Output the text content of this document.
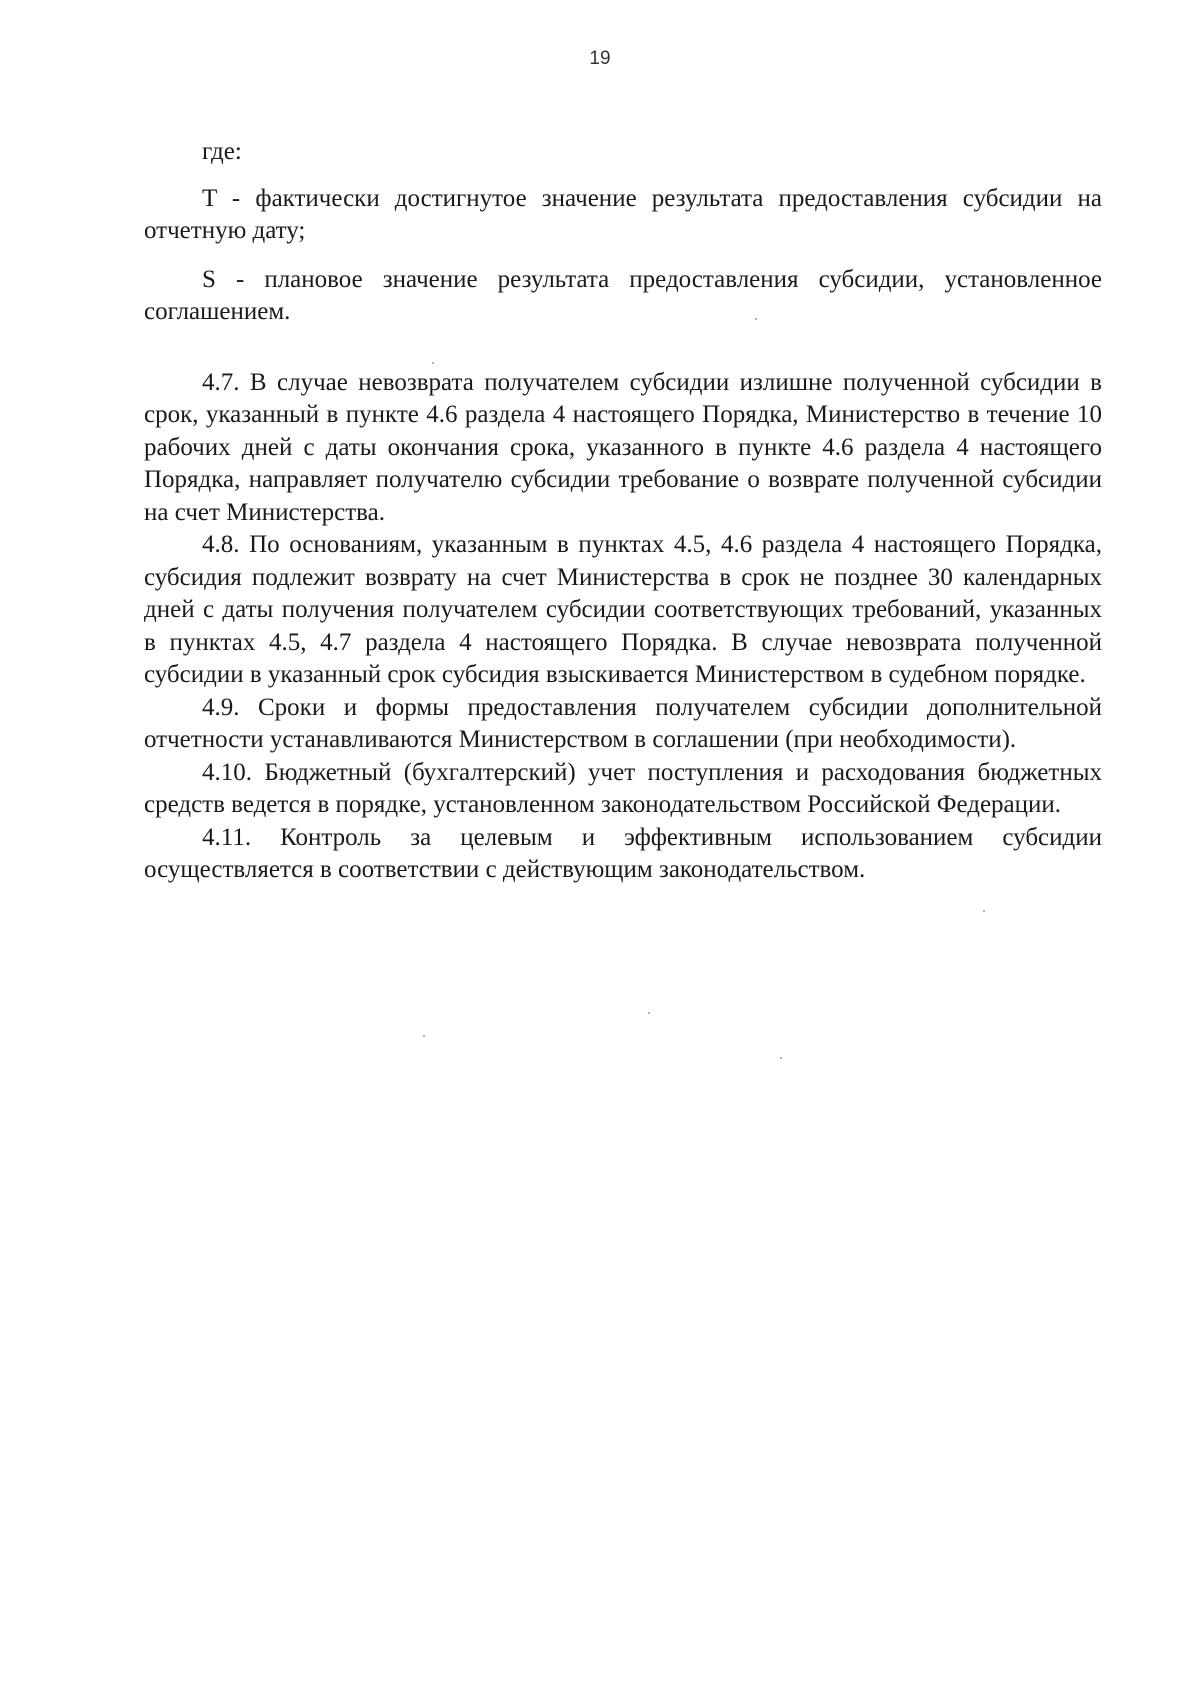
19

где:

T - фактически достигнутое значение результата предоставления субсидии на отчетную дату;

S - плановое значение результата предоставления субсидии, установленное соглашением.

4.7. В случае невозврата получателем субсидии излишне полученной субсидии в срок, указанный в пункте 4.6 раздела 4 настоящего Порядка, Министерство в течение 10 рабочих дней с даты окончания срока, указанного в пункте 4.6 раздела 4 настоящего Порядка, направляет получателю субсидии требование о возврате полученной субсидии на счет Министерства.

4.8. По основаниям, указанным в пунктах 4.5, 4.6 раздела 4 настоящего Порядка, субсидия подлежит возврату на счет Министерства в срок не позднее 30 календарных дней с даты получения получателем субсидии соответствующих требований, указанных в пунктах 4.5, 4.7 раздела 4 настоящего Порядка. В случае невозврата полученной субсидии в указанный срок субсидия взыскивается Министерством в судебном порядке.

4.9. Сроки и формы предоставления получателем субсидии дополнительной отчетности устанавливаются Министерством в соглашении (при необходимости).

4.10. Бюджетный (бухгалтерский) учет поступления и расходования бюджетных средств ведется в порядке, установленном законодательством Российской Федерации.

4.11. Контроль за целевым и эффективным использованием субсидии осуществляется в соответствии с действующим законодательством.
